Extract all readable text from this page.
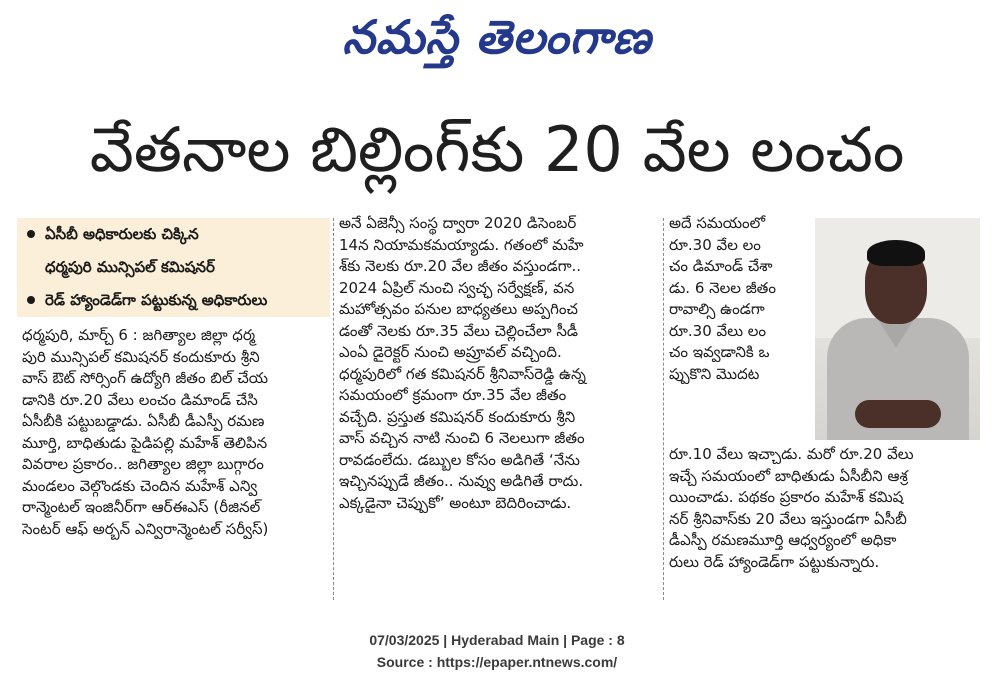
నమస్తే తెలంగాణ
వేతనాల బిల్లింగ్‌కు 20 వేల లంచం
ఏసీబీ అధికారులకు చిక్కిన
ధర్మపురి మున్సిపల్ కమిషనర్
రెడ్ హ్యాండెడ్‌గా పట్టుకున్న అధికారులు
ధర్మపురి, మార్చ్ 6 : జగిత్యాల జిల్లా ధర్మ
పురి మున్సిపల్ కమిషనర్ కందుకూరు శ్రీని
వాస్ ఔట్ సోర్సింగ్ ఉద్యోగి జీతం బిల్ చేయ
డానికి రూ.20 వేలు లంచం డిమాండ్ చేసి
ఏసీబీకి పట్టుబడ్డాడు. ఏసీబీ డీఎస్పీ రమణ
మూర్తి, బాధితుడు పైడిపల్లి మహేశ్ తెలిపిన
వివరాల ప్రకారం.. జగిత్యాల జిల్లా బుగ్గారం
మండలం వెల్గొండకు చెందిన మహేశ్ ఎన్వి
రాన్మెంటల్ ఇంజినీర్‌గా ఆర్ఈఎస్ (రీజినల్
సెంటర్ ఆఫ్ అర్బన్ ఎన్విరాన్మెంటల్ సర్వీస్)
అనే ఏజెన్సీ సంస్థ ద్వారా 2020 డిసెంబర్
14న నియామకమయ్యాడు. గతంలో మహే
శ్‌కు నెలకు రూ.20 వేల జీతం వస్తుండగా..
2024 ఏప్రిల్ నుంచి స్వచ్ఛ సర్వేక్షణ్, వన
మహోత్సవం పనుల బాధ్యతలు అప్పగించ
డంతో నెలకు రూ.35 వేలు చెల్లించేలా సీడీ
ఎంఏ డైరెక్టర్ నుంచి అప్రూవల్ వచ్చింది.
ధర్మపురిలో గత కమిషనర్ శ్రీనివాస్‌రెడ్డి ఉన్న
సమయంలో క్రమంగా రూ.35 వేల జీతం
వచ్చేది. ప్రస్తుత కమిషనర్ కందుకూరు శ్రీని
వాస్ వచ్చిన నాటి నుంచి 6 నెలలుగా జీతం
రావడంలేదు. డబ్బుల కోసం అడిగితే ‘నేను
ఇచ్చినప్పుడే జీతం.. నువ్వు అడిగితే రాదు.
ఎక్కడైనా చెప్పుకో’ అంటూ బెదిరించాడు.
అదే సమయంలో
రూ.30 వేల లం
చం డిమాండ్ చేశా
డు. 6 నెలల జీతం
రావాల్సి ఉండగా
రూ.30 వేలు లం
చం ఇవ్వడానికి ఒ
ప్పుకొని మొదట
రూ.10 వేలు ఇచ్చాడు. మరో రూ.20 వేలు
ఇచ్చే సమయంలో బాధితుడు ఏసీబీని ఆశ్ర
యించాడు. పథకం ప్రకారం మహేశ్ కమిష
నర్ శ్రీనివాస్‌కు 20 వేలు ఇస్తుండగా ఏసీబీ
డీఎస్పీ రమణమూర్తి ఆధ్వర్యంలో అధికా
రులు రెడ్ హ్యాండెడ్‌గా పట్టుకున్నారు.
07/03/2025 | Hyderabad Main | Page : 8
Source : https://epaper.ntnews.com/
